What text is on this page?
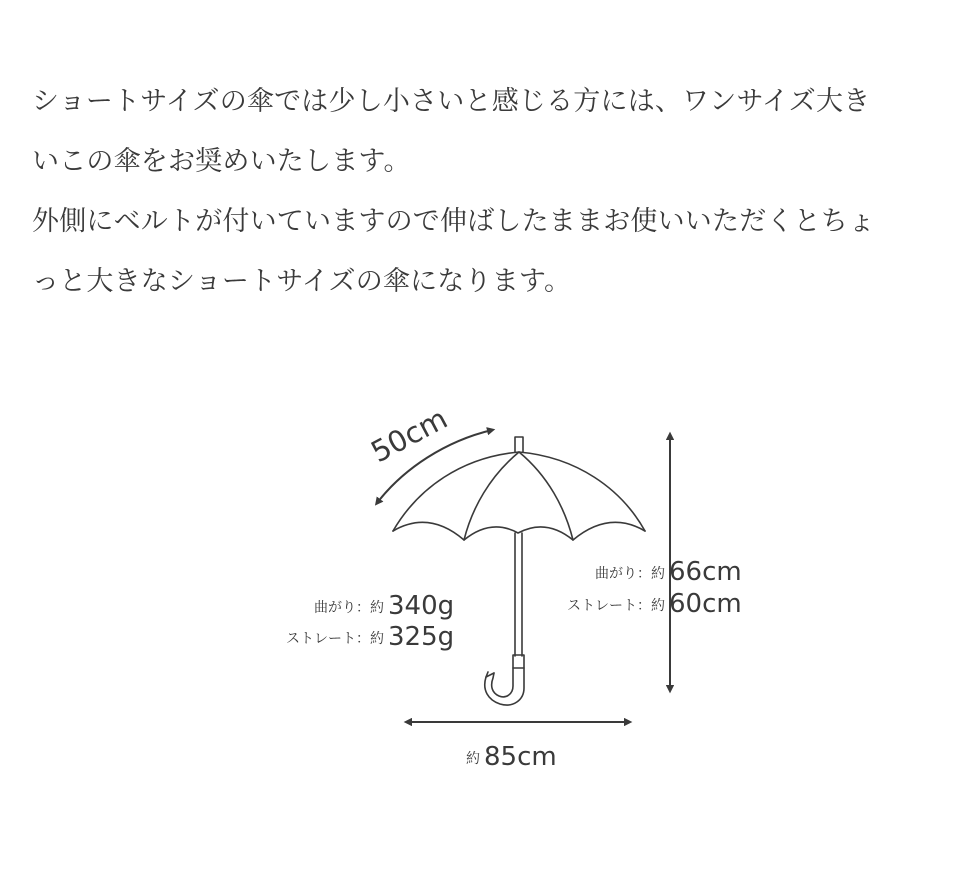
ショートサイズの傘では少し小さいと感じる方には、ワンサイズ大き
いこの傘をお奨めいたします。
外側にベルトが付いていますので伸ばしたままお使いいただくとちょ
っと大きなショートサイズの傘になります。
50cm
曲がり：約 340g
ストレート：約 325g
曲がり：約 66cm
ストレート：約 60cm
約 85cm
